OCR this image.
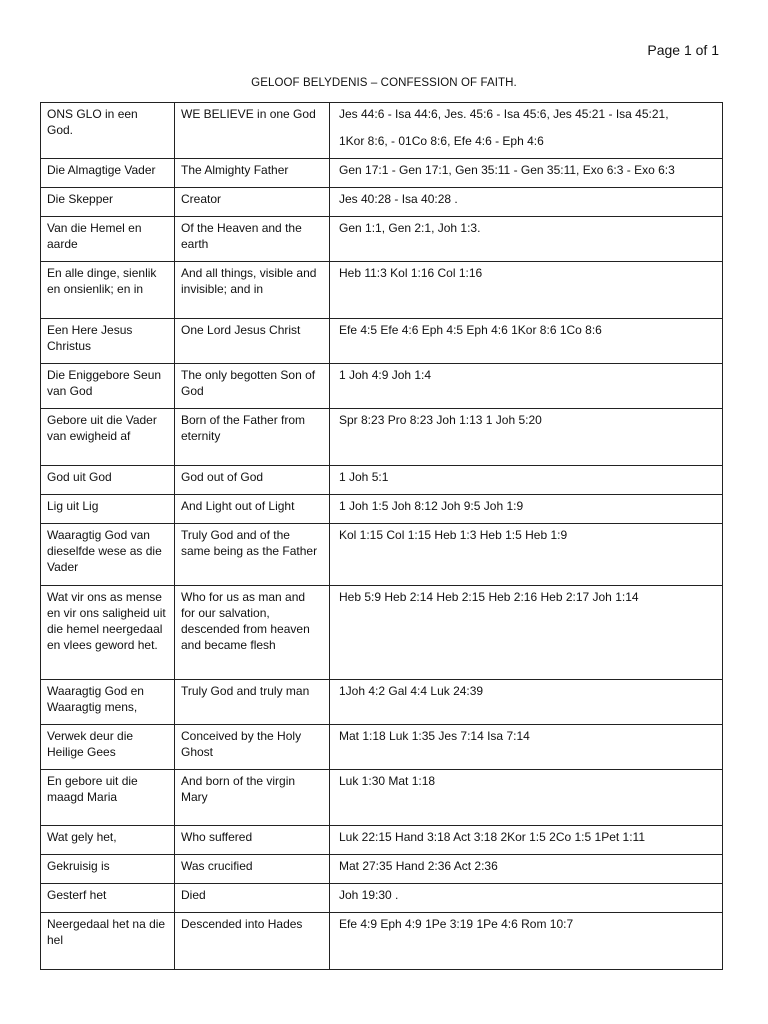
Page 1 of 1
GELOOF BELYDENIS – CONFESSION OF FAITH.
ONS GLO in een God.	WE BELIEVE in one God	Jes 44:6 - Isa 44:6, Jes. 45:6 - Isa 45:6, Jes 45:21 - Isa 45:21,
1Kor 8:6, - 01Co 8:6, Efe 4:6 - Eph 4:6

Die Almagtige Vader	The Almighty Father	Gen 17:1 - Gen 17:1, Gen 35:11 - Gen 35:11, Exo 6:3 - Exo 6:3

Die Skepper	Creator	Jes 40:28 - Isa 40:28 .

Van die Hemel en aarde	Of the Heaven and the earth	Gen 1:1, Gen 2:1, Joh 1:3.

En alle dinge, sienlik en onsienlik; en in	And all things, visible and invisible; and in	Heb 11:3 Kol 1:16 Col 1:16

Een Here Jesus Christus	One Lord Jesus Christ	Efe 4:5 Efe 4:6 Eph 4:5 Eph 4:6 1Kor 8:6 1Co 8:6

Die Eniggebore Seun van God	The only begotten Son of God	1 Joh 4:9 Joh 1:4

Gebore uit die Vader van ewigheid af	Born of the Father from eternity	Spr 8:23 Pro 8:23 Joh 1:13 1 Joh 5:20

God uit God	God out of God	1 Joh 5:1

Lig uit Lig	And Light out of Light	1 Joh 1:5 Joh 8:12 Joh 9:5 Joh 1:9

Waaragtig God van dieselfde wese as die Vader	Truly God and of the same being as the Father	Kol 1:15 Col 1:15 Heb 1:3 Heb 1:5 Heb 1:9

Wat vir ons as mense en vir ons saligheid uit die hemel neergedaal en vlees geword het.	Who for us as man and for our salvation, descended from heaven and became flesh	Heb 5:9 Heb 2:14 Heb 2:15 Heb 2:16 Heb 2:17 Joh 1:14

Waaragtig God en Waaragtig mens,	Truly God and truly man	1Joh 4:2 Gal 4:4 Luk 24:39

Verwek deur die Heilige Gees	Conceived by the Holy Ghost	Mat 1:18 Luk 1:35 Jes 7:14 Isa 7:14

En gebore uit die maagd Maria	And born of the virgin Mary	Luk 1:30 Mat 1:18

Wat gely het,	Who suffered	Luk 22:15 Hand 3:18 Act 3:18 2Kor 1:5 2Co 1:5 1Pet 1:11

Gekruisig is	Was crucified	Mat 27:35 Hand 2:36 Act 2:36

Gesterf het	Died	Joh 19:30 .

Neergedaal het na die hel	Descended into Hades	Efe 4:9 Eph 4:9 1Pe 3:19 1Pe 4:6 Rom 10:7
